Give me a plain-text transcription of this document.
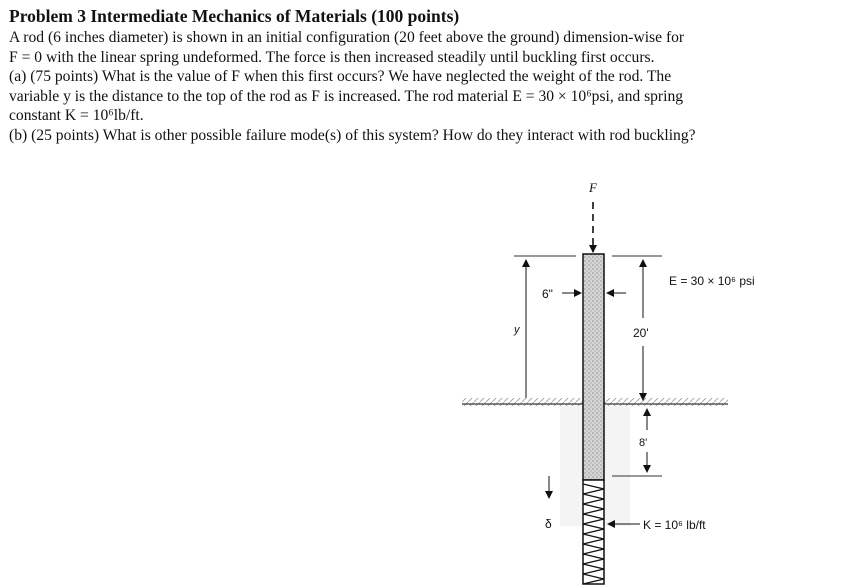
Problem 3 Intermediate Mechanics of Materials (100 points)

A rod (6 inches diameter) is shown in an initial configuration (20 feet above the ground) dimension-wise for

F = 0 with the linear spring undeformed. The force is then increased steadily until buckling first occurs.

(a) (75 points) What is the value of F when this first occurs? We have neglected the weight of the rod. The

variable y is the distance to the top of the rod as F is increased. The rod material E = 30 × 10⁶psi, and spring

constant K = 10⁶lb/ft.

(b) (25 points) What is other possible failure mode(s) of this system? How do they interact with rod buckling?

F
y
6"
20'
8'
δ	K = 10⁶ lb/ft
E = 30 × 10⁶ psi
